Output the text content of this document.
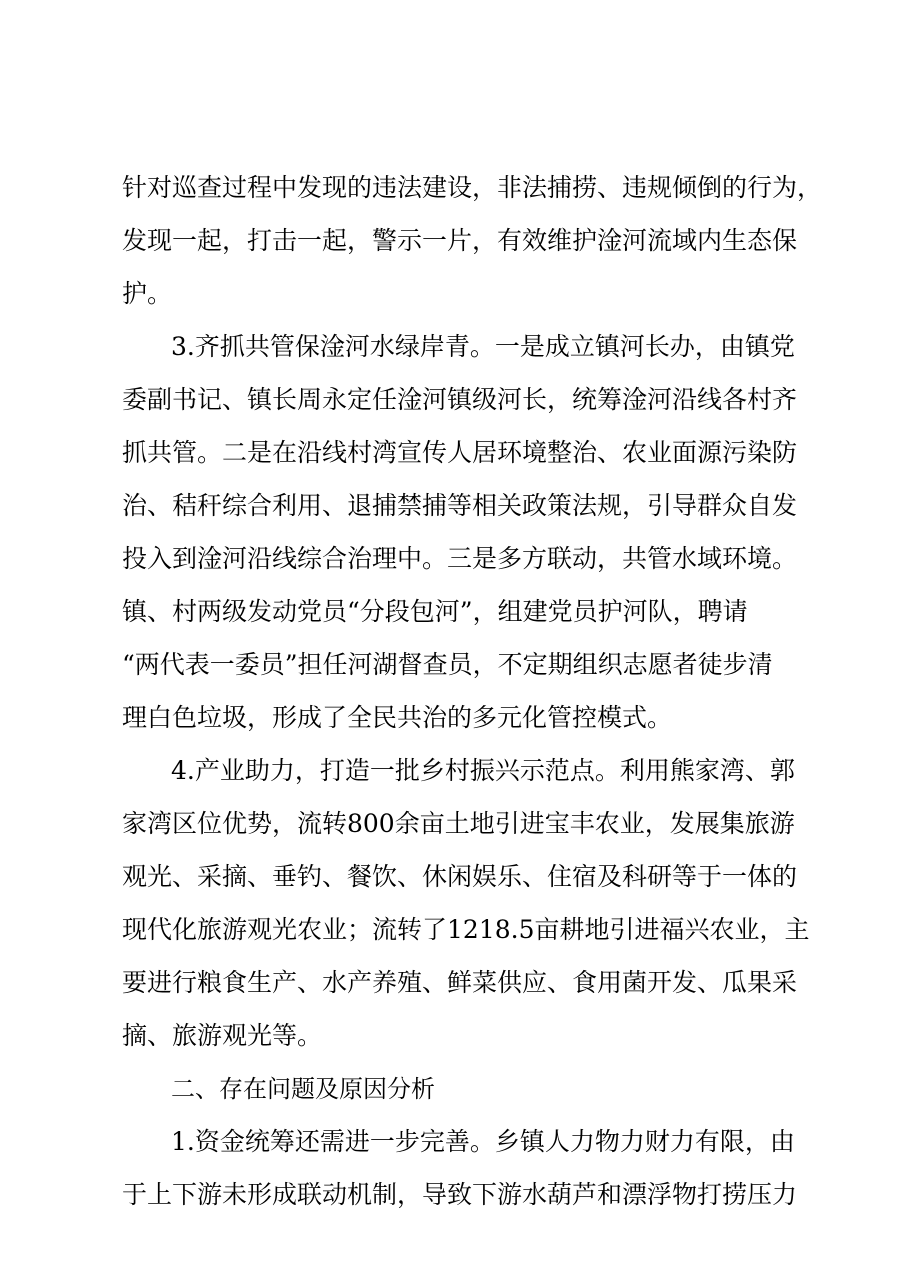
针对巡查过程中发现的违法建设，非法捕捞、违规倾倒的行为，
发现一起，打击一起，警示一片，有效维护淦河流域内生态保
护。
3.齐抓共管保淦河水绿岸青。一是成立镇河长办，由镇党
委副书记、镇长周永定任淦河镇级河长，统筹淦河沿线各村齐
抓共管。二是在沿线村湾宣传人居环境整治、农业面源污染防
治、秸秆综合利用、退捕禁捕等相关政策法规，引导群众自发
投入到淦河沿线综合治理中。三是多方联动，共管水域环境。
镇、村两级发动党员“分段包河”，组建党员护河队，聘请
“两代表一委员”担任河湖督查员，不定期组织志愿者徒步清
理白色垃圾，形成了全民共治的多元化管控模式。
4.产业助力，打造一批乡村振兴示范点。利用熊家湾、郭
家湾区位优势，流转800余亩土地引进宝丰农业，发展集旅游
观光、采摘、垂钓、餐饮、休闲娱乐、住宿及科研等于一体的
现代化旅游观光农业；流转了1218.5亩耕地引进福兴农业，主
要进行粮食生产、水产养殖、鲜菜供应、食用菌开发、瓜果采
摘、旅游观光等。
二、存在问题及原因分析
1.资金统筹还需进一步完善。乡镇人力物力财力有限，由
于上下游未形成联动机制，导致下游水葫芦和漂浮物打捞压力
